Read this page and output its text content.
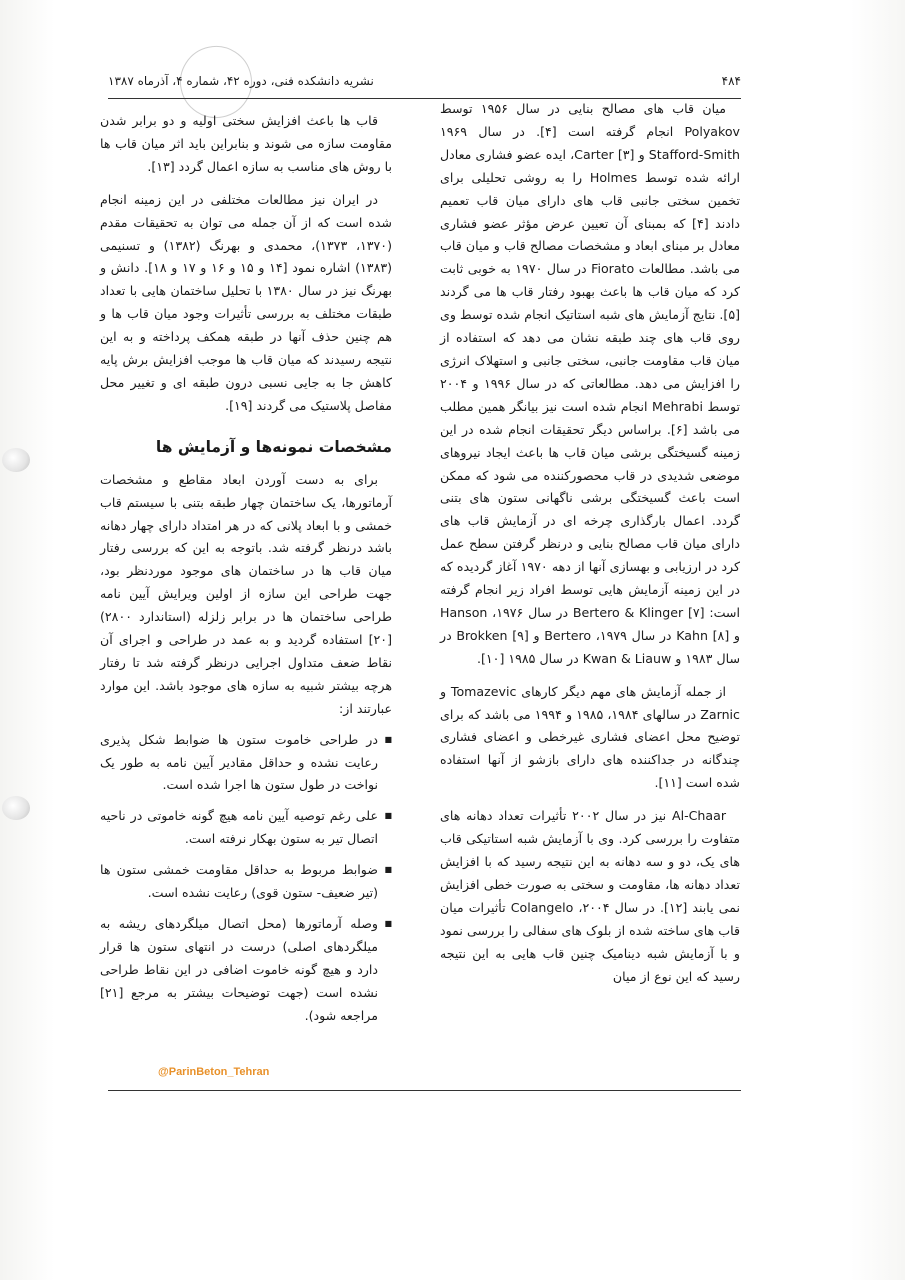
۴۸۴
نشریه دانشکده فنی، دوره ۴۲، شماره ۴، آذرماه ۱۳۸۷

میان قاب های مصالح بنایی در سال ۱۹۵۶ توسط Polyakov انجام گرفته است [۴]. در سال ۱۹۶۹ Stafford-Smith و Carter [۳]، ایده عضو فشاری معادل ارائه شده توسط Holmes را به روشی تحلیلی برای تخمین سختی جانبی قاب های دارای میان قاب تعمیم دادند [۴] که بمبنای آن تعیین عرض مؤثر عضو فشاری معادل بر مبنای ابعاد و مشخصات مصالح قاب و میان قاب می باشد. مطالعات Fiorato در سال ۱۹۷۰ به خوبی ثابت کرد که میان قاب ها باعث بهبود رفتار قاب ها می گردند [۵]. نتایج آزمایش های شبه استاتیک انجام شده توسط وی روی قاب های چند طبقه نشان می دهد که استفاده از میان قاب مقاومت جانبی، سختی جانبی و استهلاک انرژی را افزایش می دهد. مطالعاتی که در سال ۱۹۹۶ و ۲۰۰۴ توسط Mehrabi انجام شده است نیز بیانگر همین مطلب می باشد [۶]. براساس دیگر تحقیقات انجام شده در این زمینه گسیختگی برشی میان قاب ها باعث ایجاد نیروهای موضعی شدیدی در قاب محصورکننده می شود که ممکن است باعث گسیختگی برشی ناگهانی ستون های بتنی گردد. اعمال بارگذاری چرخه ای در آزمایش قاب های دارای میان قاب مصالح بنایی و درنظر گرفتن سطح عمل کرد در ارزیابی و بهسازی آنها از دهه ۱۹۷۰ آغاز گردیده که در این زمینه آزمایش هایی توسط افراد زیر انجام گرفته است: Bertero & Klinger [۷] در سال ۱۹۷۶، Hanson و Kahn [۸] در سال ۱۹۷۹، Bertero و Brokken [۹] در سال ۱۹۸۳ و Kwan & Liauw در سال ۱۹۸۵ [۱۰].

از جمله آزمایش های مهم دیگر کارهای Tomazevic و Zarnic در سالهای ۱۹۸۴، ۱۹۸۵ و ۱۹۹۴ می باشد که برای توضیح محل اعضای فشاری غیرخطی و اعضای فشاری چندگانه در جداکننده های دارای بازشو از آنها استفاده شده است [۱۱].

Al-Chaar نیز در سال ۲۰۰۲ تأثیرات تعداد دهانه های متفاوت را بررسی کرد. وی با آزمایش شبه استاتیکی قاب های یک، دو و سه دهانه به این نتیجه رسید که با افزایش تعداد دهانه ها، مقاومت و سختی به صورت خطی افزایش نمی یابند [۱۲]. در سال ۲۰۰۴، Colangelo تأثیرات میان قاب های ساخته شده از بلوک های سفالی را بررسی نمود و با آزمایش شبه دینامیک چنین قاب هایی به این نتیجه رسید که این نوع از میان

قاب ها باعث افزایش سختی اولیه و دو برابر شدن مقاومت سازه می شوند و بنابراین باید اثر میان قاب ها با روش های مناسب به سازه اعمال گردد [۱۳].

در ایران نیز مطالعات مختلفی در این زمینه انجام شده است که از آن جمله می توان به تحقیقات مقدم (۱۳۷۰، ۱۳۷۳)، محمدی و بهرنگ (۱۳۸۲) و تسنیمی (۱۳۸۳) اشاره نمود [۱۴ و ۱۵ و ۱۶ و ۱۷ و ۱۸]. دانش و بهرنگ نیز در سال ۱۳۸۰ با تحلیل ساختمان هایی با تعداد طبقات مختلف به بررسی تأثیرات وجود میان قاب ها و هم چنین حذف آنها در طبقه همکف پرداخته و به این نتیجه رسیدند که میان قاب ها موجب افزایش برش پایه کاهش جا به جایی نسبی درون طبقه ای و تغییر محل مفاصل پلاستیک می گردند [۱۹].

مشخصات نمونه‌ها و آزمایش ها

برای به دست آوردن ابعاد مقاطع و مشخصات آرماتورها، یک ساختمان چهار طبقه بتنی با سیستم قاب خمشی و با ابعاد پلانی که در هر امتداد دارای چهار دهانه باشد درنظر گرفته شد. باتوجه به این که بررسی رفتار میان قاب ها در ساختمان های موجود موردنظر بود، جهت طراحی این سازه از اولین ویرایش آیین نامه طراحی ساختمان ها در برابر زلزله (استاندارد ۲۸۰۰) [۲۰] استفاده گردید و به عمد در طراحی و اجرای آن نقاط ضعف متداول اجرایی درنظر گرفته شد تا رفتار هرچه بیشتر شبیه به سازه های موجود باشد. این موارد عبارتند از:

■
در طراحی خاموت ستون ها ضوابط شکل پذیری رعایت نشده و حداقل مقادیر آیین نامه به طور یک نواخت در طول ستون ها اجرا شده است.
■
علی رغم توصیه آیین نامه هیچ گونه خاموتی در ناحیه اتصال تیر به ستون بهکار نرفته است.
■
ضوابط مربوط به حداقل مقاومت خمشی ستون ها (تیر ضعیف- ستون قوی) رعایت نشده است.
■
وصله آرماتورها (محل اتصال میلگردهای ریشه به میلگردهای اصلی) درست در انتهای ستون ها قرار دارد و هیچ گونه خاموت اضافی در این نقاط طراحی نشده است (جهت توضیحات بیشتر به مرجع [۲۱] مراجعه شود).
@ParinBeton_Tehran
